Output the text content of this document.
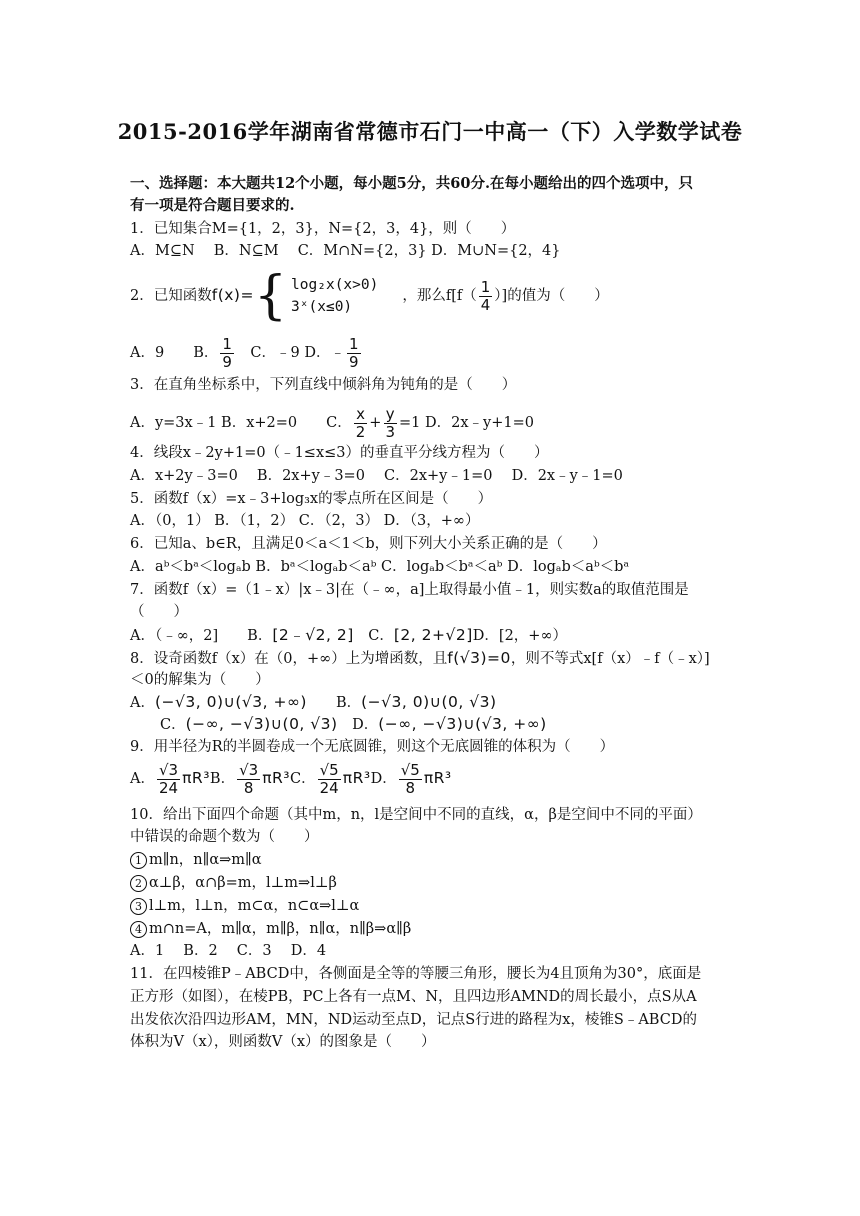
2015-2016学年湖南省常德市石门一中高一（下）入学数学试卷
一、选择题：本大题共12个小题，每小题5分，共60分.在每小题给出的四个选项中，只
有一项是符合题目要求的.
1．已知集合M={1，2，3}，N={2，3，4}，则（　　）
A．M⊆N　 B．N⊆M　 C．M∩N={2，3} D．M∪N={2，4}
2．已知函数f(x)={ log₂x(x>0)
3ˣ(x≤0)
，那么$f[f( \frac{1}{4}$ ）]的值为（　　）
A．9　　B． $\frac{1}{9}$ 　C．﹣9 D．﹣ $\frac{1}{9}$
3．在直角坐标系中，下列直线中倾斜角为钝角的是（　　）
A．y=3x﹣1 B．x+2=0　　C． $\frac{x}{2} + \frac{y}{3} =1$ D．2x﹣y+1=0
4．线段x﹣2y+1=0（﹣1≤x≤3）的垂直平分线方程为（　　）
A．x+2y﹣3=0　 B．2x+y﹣3=0　 C．2x+y﹣1=0　 D．2x﹣y﹣1=0
5．函数f（x）=x﹣3+log₃x的零点所在区间是（　　）
A．（0，1） B．（1，2） C．（2，3） D．（3，+∞）
6．已知a、b∈R，且满足0＜a＜1＜b，则下列大小关系正确的是（　　）
A．aᵇ＜bᵃ＜logₐb B．bᵃ＜logₐb＜aᵇ C．logₐb＜bᵃ＜aᵇ D．logₐb＜aᵇ＜bᵃ
7．函数f（x）=（1﹣x）|x﹣3|在（﹣∞，a]上取得最小值﹣1，则实数a的取值范围是
（　　）
A．（﹣∞，2]　　B．[2﹣√2, 2]　C．[2, 2+√2]D．[2，+∞）
8．设奇函数f（x）在（0，+∞）上为增函数，且f(√3)=0，则不等式x[f（x）﹣f（﹣x）]
＜0的解集为（　　）
A．(−√3, 0)∪(√3, +∞)　　B．(−√3, 0)∪(0, √3)
C．(−∞, −√3)∪(0, √3)　D．(−∞, −√3)∪(√3, +∞)
9．用半径为R的半圆卷成一个无底圆锥，则这个无底圆锥的体积为（　　）
A． $\frac{√3}{24} \pi R^3B$． $\frac{√3}{8} \pi R^3C$． $\frac{√5}{24} \pi R^3D$． $\frac{√5}{8} \pi R^3$
10．给出下面四个命题（其中m，n，l是空间中不同的直线，α，β是空间中不同的平面）
中错误的命题个数为（　　）
1 m∥n，n∥α⇒m∥α
2 α⊥β，α∩β=m，l⊥m⇒l⊥β
3 l⊥m，l⊥n，m⊂α，n⊂α⇒l⊥α
4 m∩n=A，m∥α，m∥β，n∥α，n∥β⇒α∥β
A．1　 B．2　 C．3　 D．4
11．在四棱锥P﹣ABCD中，各侧面是全等的等腰三角形，腰长为4且顶角为30°，底面是
正方形（如图），在棱PB，PC上各有一点M、N，且四边形AMND的周长最小，点S从A
出发依次沿四边形AM，MN，ND运动至点D，记点S行进的路程为x，棱锥S﹣ABCD的
体积为V（x），则函数V（x）的图象是（　　）
